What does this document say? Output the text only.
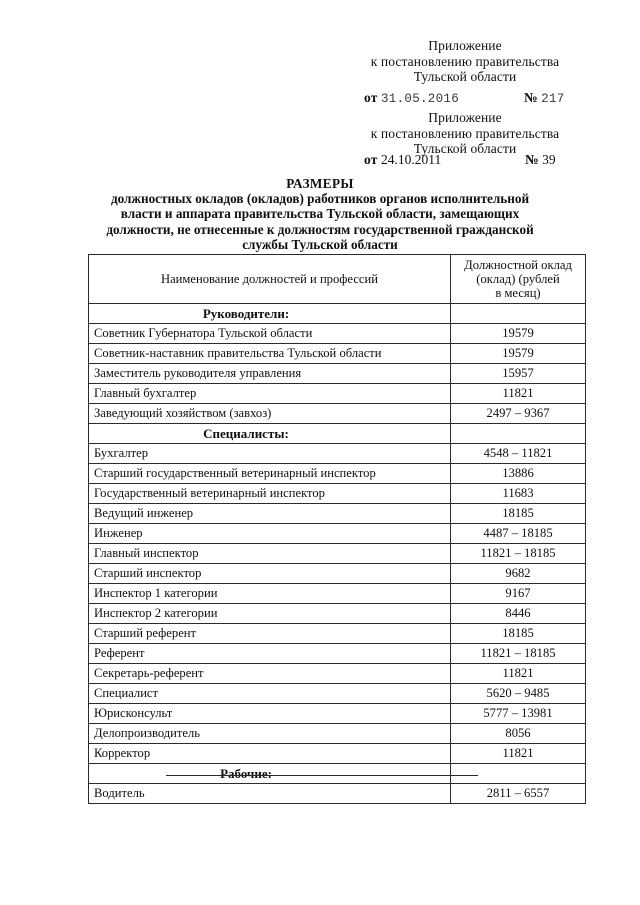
Приложение
к постановлению правительства
Тульской области
от 31.05.2016	№ 217
Приложение
к постановлению правительства
Тульской области
от 24.10.2011	№ 39
РАЗМЕРЫ
должностных окладов (окладов) работников органов исполнительной
власти и аппарата правительства Тульской области, замещающих
должности, не отнесенные к должностям государственной гражданской
службы Тульской области
Наименование должностей и профессий	Должностной оклад
(оклад) (рублей
в месяц)

Руководители:	
Советник Губернатора Тульской области	19579
Советник-наставник правительства Тульской области	19579
Заместитель руководителя управления	15957
Главный бухгалтер	11821
Заведующий хозяйством (завхоз)	2497 – 9367
Специалисты:	
Бухгалтер	4548 – 11821
Старший государственный ветеринарный инспектор	13886
Государственный ветеринарный инспектор	11683
Ведущий инженер	18185
Инженер	4487 – 18185
Главный инспектор	11821 – 18185
Старший инспектор	9682
Инспектор 1 категории	9167
Инспектор 2 категории	8446
Старший референт	18185
Референт	11821 – 18185
Секретарь-референт	11821
Специалист	5620 – 9485
Юрисконсульт	5777 – 13981
Делопроизводитель	8056
Корректор	11821
Рабочие:	
Водитель	2811 – 6557
